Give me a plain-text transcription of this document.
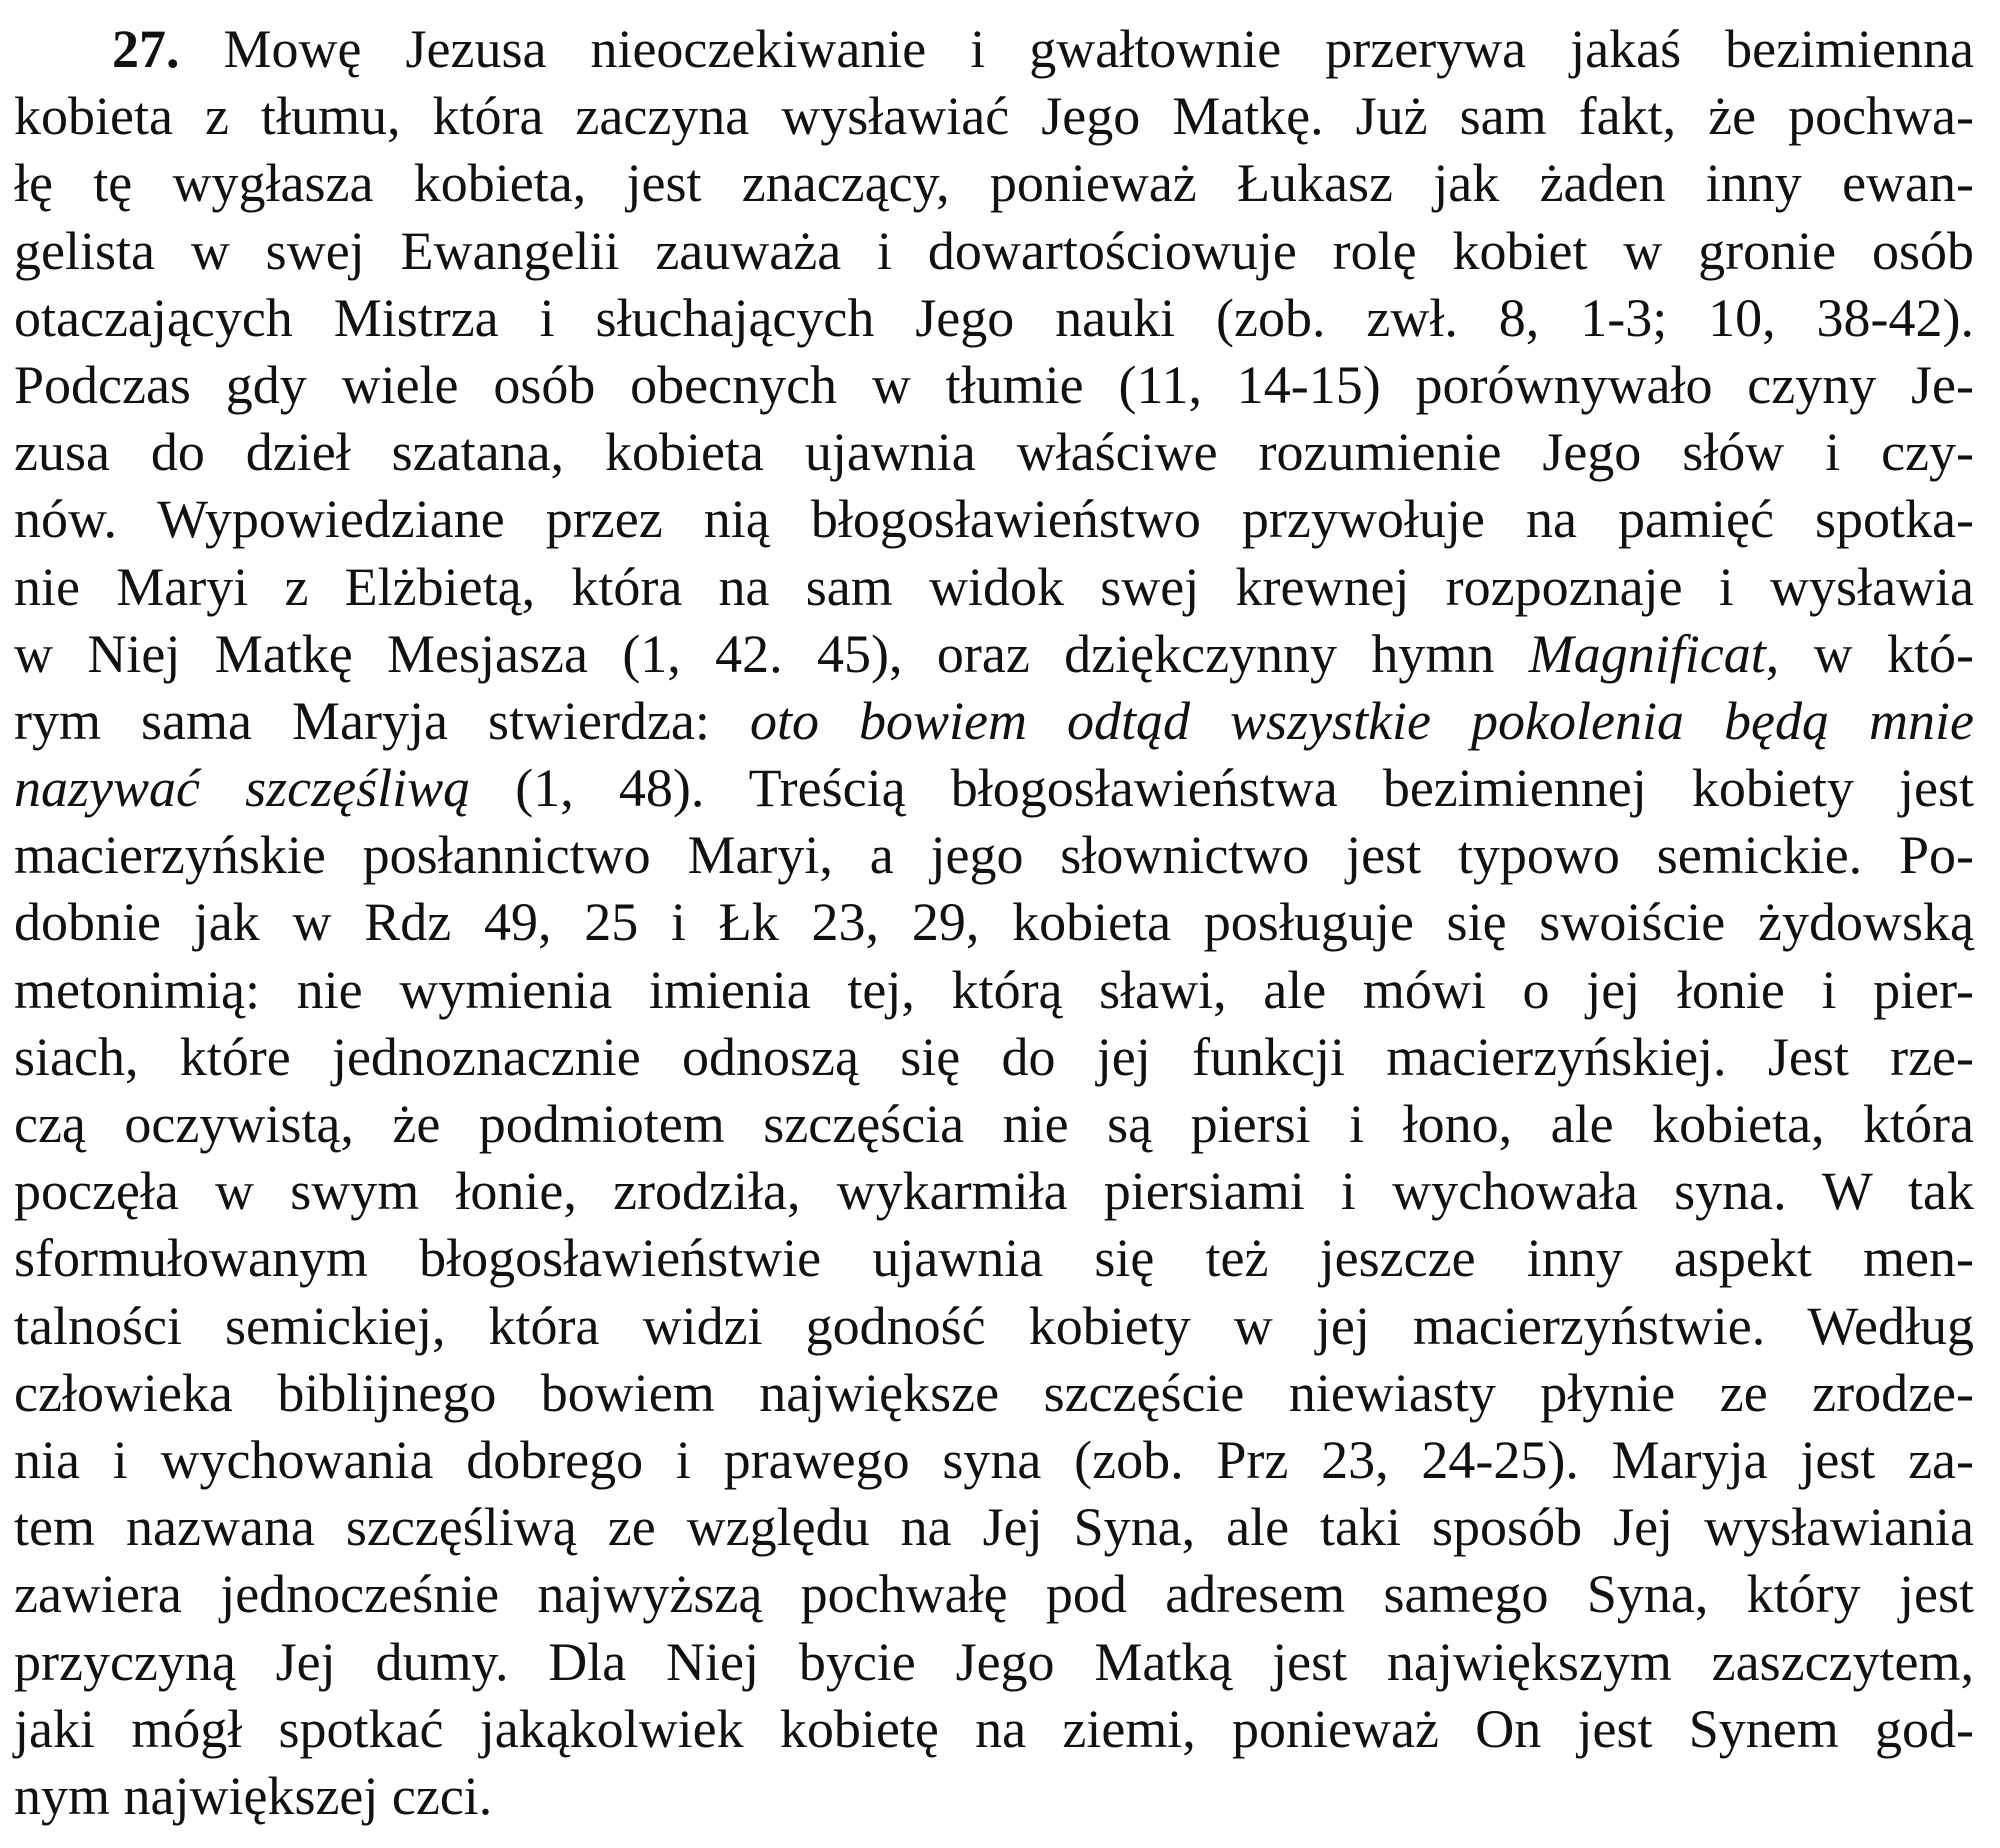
27. Mowę Jezusa nieoczekiwanie i gwałtownie przerywa jakaś bezimienna
kobieta z tłumu, która zaczyna wysławiać Jego Matkę. Już sam fakt, że pochwa-
łę tę wygłasza kobieta, jest znaczący, ponieważ Łukasz jak żaden inny ewan-
gelista w swej Ewangelii zauważa i dowartościowuje rolę kobiet w gronie osób
otaczających Mistrza i słuchających Jego nauki (zob. zwł. 8, 1-3; 10, 38-42).
Podczas gdy wiele osób obecnych w tłumie (11, 14-15) porównywało czyny Je-
zusa do dzieł szatana, kobieta ujawnia właściwe rozumienie Jego słów i czy-
nów. Wypowiedziane przez nią błogosławieństwo przywołuje na pamięć spotka-
nie Maryi z Elżbietą, która na sam widok swej krewnej rozpoznaje i wysławia
w Niej Matkę Mesjasza (1, 42. 45), oraz dziękczynny hymn Magnificat, w któ-
rym sama Maryja stwierdza: oto bowiem odtąd wszystkie pokolenia będą mnie
nazywać szczęśliwą (1, 48). Treścią błogosławieństwa bezimiennej kobiety jest
macierzyńskie posłannictwo Maryi, a jego słownictwo jest typowo semickie. Po-
dobnie jak w Rdz 49, 25 i Łk 23, 29, kobieta posługuje się swoiście żydowską
metonimią: nie wymienia imienia tej, którą sławi, ale mówi o jej łonie i pier-
siach, które jednoznacznie odnoszą się do jej funkcji macierzyńskiej. Jest rze-
czą oczywistą, że podmiotem szczęścia nie są piersi i łono, ale kobieta, która
poczęła w swym łonie, zrodziła, wykarmiła piersiami i wychowała syna. W tak
sformułowanym błogosławieństwie ujawnia się też jeszcze inny aspekt men-
talności semickiej, która widzi godność kobiety w jej macierzyństwie. Według
człowieka biblijnego bowiem największe szczęście niewiasty płynie ze zrodze-
nia i wychowania dobrego i prawego syna (zob. Prz 23, 24-25). Maryja jest za-
tem nazwana szczęśliwą ze względu na Jej Syna, ale taki sposób Jej wysławiania
zawiera jednocześnie najwyższą pochwałę pod adresem samego Syna, który jest
przyczyną Jej dumy. Dla Niej bycie Jego Matką jest największym zaszczytem,
jaki mógł spotkać jakąkolwiek kobietę na ziemi, ponieważ On jest Synem god-
nym największej czci.
